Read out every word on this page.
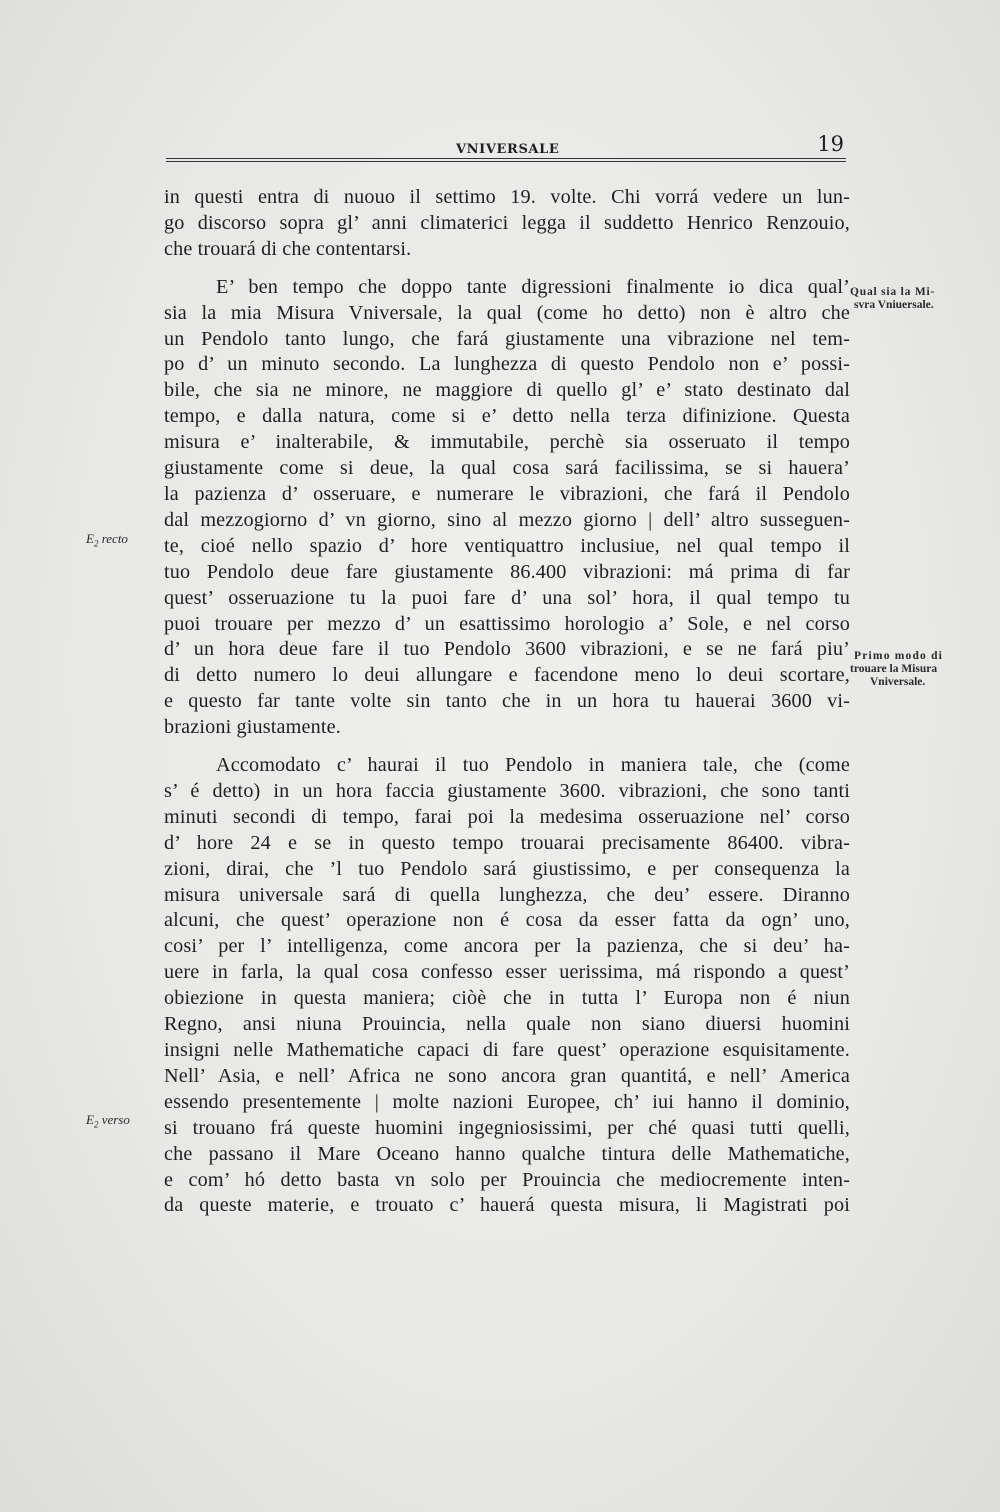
VNIVERSALE	19
in questi entra di nuouo il settimo 19. volte. Chi vorrá vedere un lun-
go discorso sopra gl’ anni climaterici legga il suddetto Henrico Renzouio,
che trouará di che contentarsi.
E’ ben tempo che doppo tante digressioni finalmente io dica qual’
sia la mia Misura Vniversale, la qual (come ho detto) non è altro che
un Pendolo tanto lungo, che fará giustamente una vibrazione nel tem-
po d’ un minuto secondo. La lunghezza di questo Pendolo non e’ possi-
bile, che sia ne minore, ne maggiore di quello gl’ e’ stato destinato dal
tempo, e dalla natura, come si e’ detto nella terza difinizione. Questa
misura e’ inalterabile, & immutabile, perchè sia osseruato il tempo
giustamente come si deue, la qual cosa sará facilissima, se si hauera’
la pazienza d’ osseruare, e numerare le vibrazioni, che fará il Pendolo
dal mezzogiorno d’ vn giorno, sino al mezzo giorno | dell’ altro susseguen-
te, cioé nello spazio d’ hore ventiquattro inclusiue, nel qual tempo il
tuo Pendolo deue fare giustamente 86.400 vibrazioni: má prima di far
quest’ osseruazione tu la puoi fare d’ una sol’ hora, il qual tempo tu
puoi trouare per mezzo d’ un esattissimo horologio a’ Sole, e nel corso
d’ un hora deue fare il tuo Pendolo 3600 vibrazioni, e se ne fará piu’
di detto numero lo deui allungare e facendone meno lo deui scortare,
e questo far tante volte sin tanto che in un hora tu hauerai 3600 vi-
brazioni giustamente.
Accomodato c’ haurai il tuo Pendolo in maniera tale, che (come
s’ é detto) in un hora faccia giustamente 3600. vibrazioni, che sono tanti
minuti secondi di tempo, farai poi la medesima osseruazione nel’ corso
d’ hore 24 e se in questo tempo trouarai precisamente 86400. vibra-
zioni, dirai, che ’l tuo Pendolo sará giustissimo, e per consequenza la
misura universale sará di quella lunghezza, che deu’ essere. Diranno
alcuni, che quest’ operazione non é cosa da esser fatta da ogn’ uno,
cosi’ per l’ intelligenza, come ancora per la pazienza, che si deu’ ha-
uere in farla, la qual cosa confesso esser uerissima, má rispondo a quest’
obiezione in questa maniera; ciòè che in tutta l’ Europa non é niun
Regno, ansi niuna Prouincia, nella quale non siano diuersi huomini
insigni nelle Mathematiche capaci di fare quest’ operazione esquisitamente.
Nell’ Asia, e nell’ Africa ne sono ancora gran quantitá, e nell’ America
essendo presentemente | molte nazioni Europee, ch’ iui hanno il dominio,
si trouano frá queste huomini ingegniosissimi, per ché quasi tutti quelli,
che passano il Mare Oceano hanno qualche tintura delle Mathematiche,
e com’ hó detto basta vn solo per Prouincia che mediocremente inten-
da queste materie, e trouato c’ hauerá questa misura, li Magistrati poi
Qual sia la Mi-
svra Vniuersale.
Primo modo di
trouare la Misura
Vniversale.
$E_2$ recto
$E_2$ verso
